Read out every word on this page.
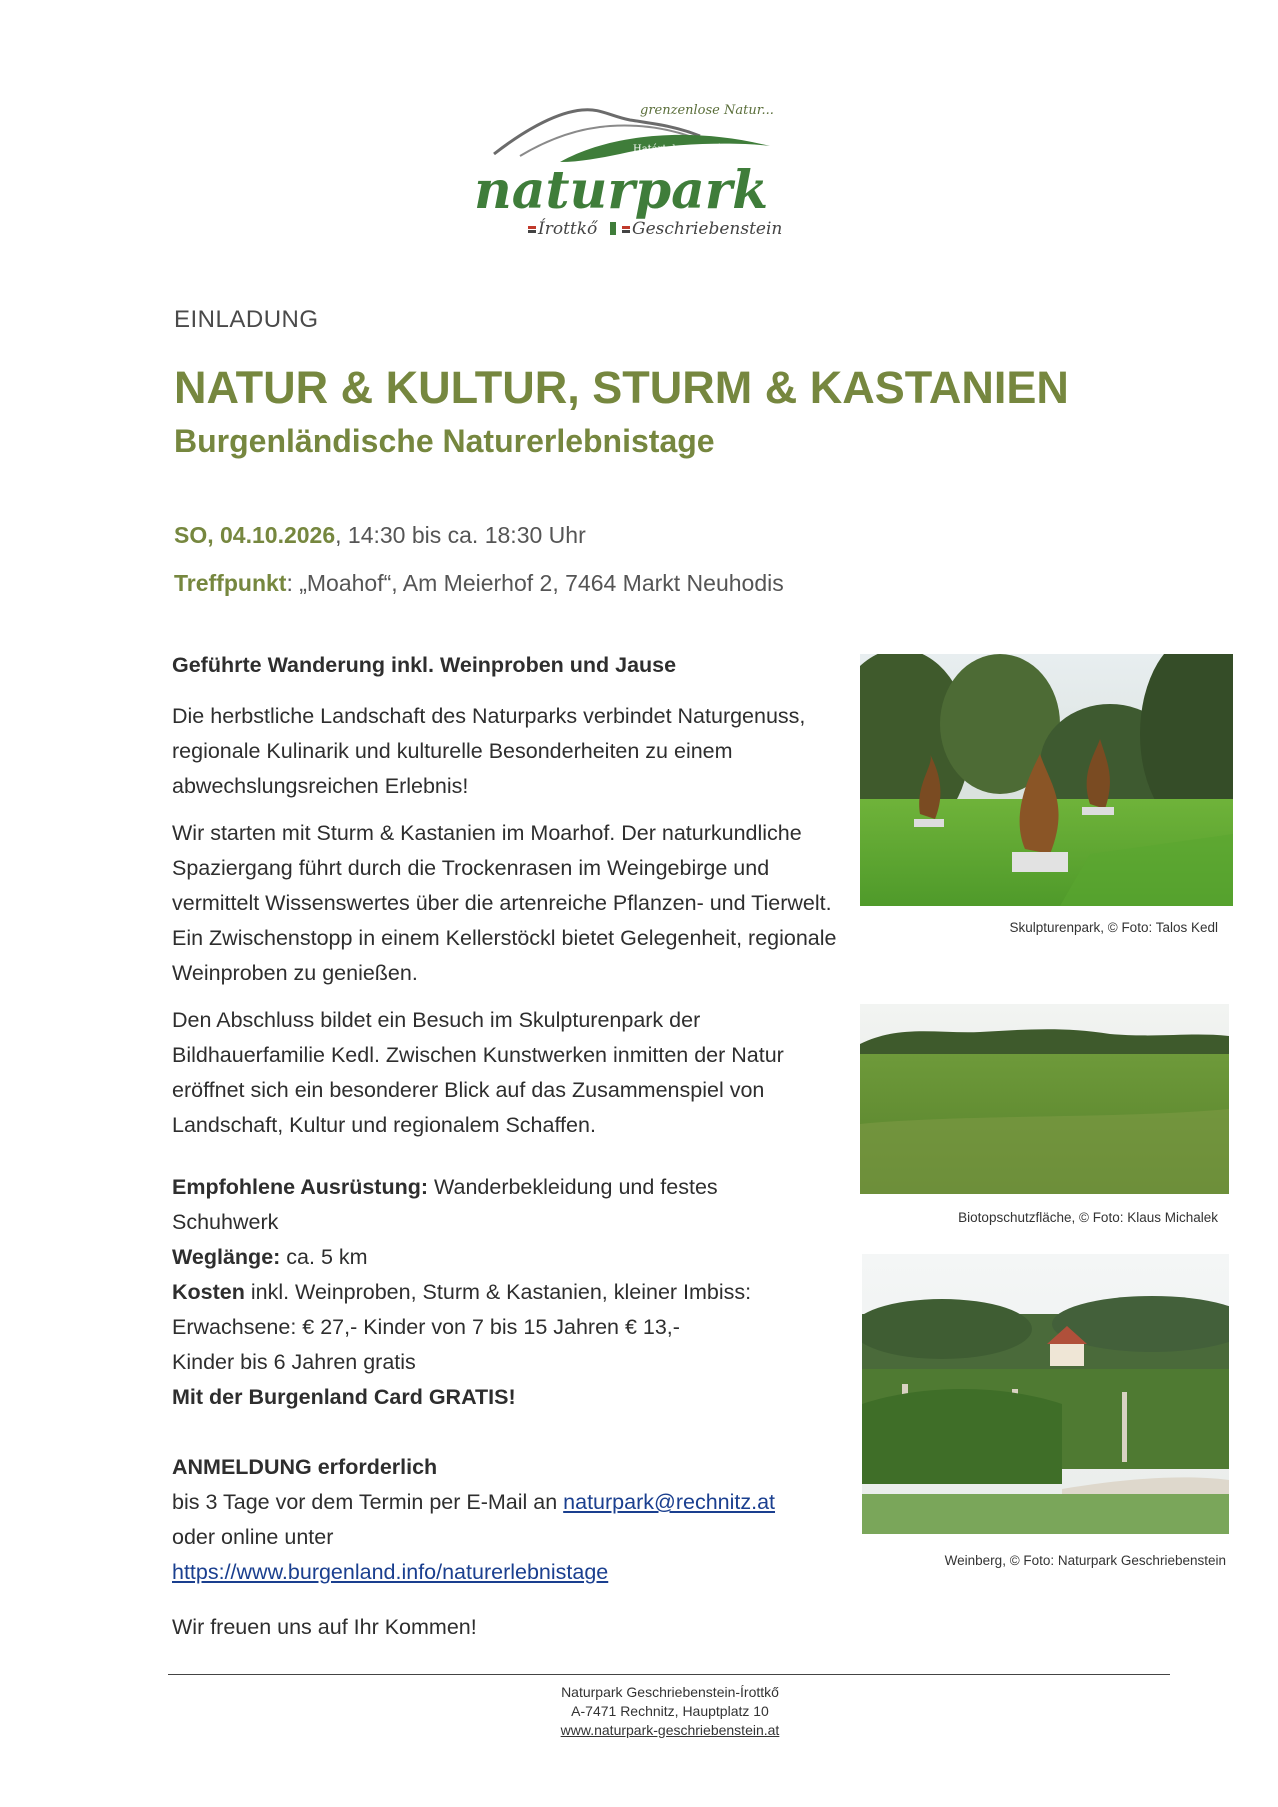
grenzenlose Natur...
Határtalan természet...
naturpark
Írottkő Geschriebenstein
EINLADUNG
NATUR & KULTUR, STURM & KASTANIEN
Burgenländische Naturerlebnistage
SO, 04.10.2026, 14:30 bis ca. 18:30 Uhr
Treffpunkt: „Moahof“, Am Meierhof 2, 7464 Markt Neuhodis

Geführte Wanderung inkl. Weinproben und Jause

Die herbstliche Landschaft des Naturparks verbindet Naturgenuss, regionale Kulinarik und kulturelle Besonderheiten zu einem abwechslungsreichen Erlebnis!

Wir starten mit Sturm & Kastanien im Moarhof. Der naturkundliche Spaziergang führt durch die Trockenrasen im Weingebirge und vermittelt Wissenswertes über die artenreiche Pflanzen- und Tierwelt. Ein Zwischenstopp in einem Kellerstöckl bietet Gelegenheit, regionale Weinproben zu genießen.

Den Abschluss bildet ein Besuch im Skulpturenpark der Bildhauerfamilie Kedl. Zwischen Kunstwerken inmitten der Natur eröffnet sich ein besonderer Blick auf das Zusammenspiel von Landschaft, Kultur und regionalem Schaffen.

Empfohlene Ausrüstung: Wanderbekleidung und festes Schuhwerk

Weglänge: ca. 5 km

Kosten inkl. Weinproben, Sturm & Kastanien, kleiner Imbiss:

Erwachsene: € 27,- Kinder von 7 bis 15 Jahren € 13,-

Kinder bis 6 Jahren gratis

Mit der Burgenland Card GRATIS!

ANMELDUNG erforderlich

bis 3 Tage vor dem Termin per E-Mail an naturpark@rechnitz.at

oder online unter

https://www.burgenland.info/naturerlebnistage

Wir freuen uns auf Ihr Kommen!

Skulpturenpark, © Foto: Talos Kedl
Biotopschutzfläche, © Foto: Klaus Michalek
Weinberg, © Foto: Naturpark Geschriebenstein
Naturpark Geschriebenstein-Írottkő
A-7471 Rechnitz, Hauptplatz 10
www.naturpark-geschriebenstein.at
